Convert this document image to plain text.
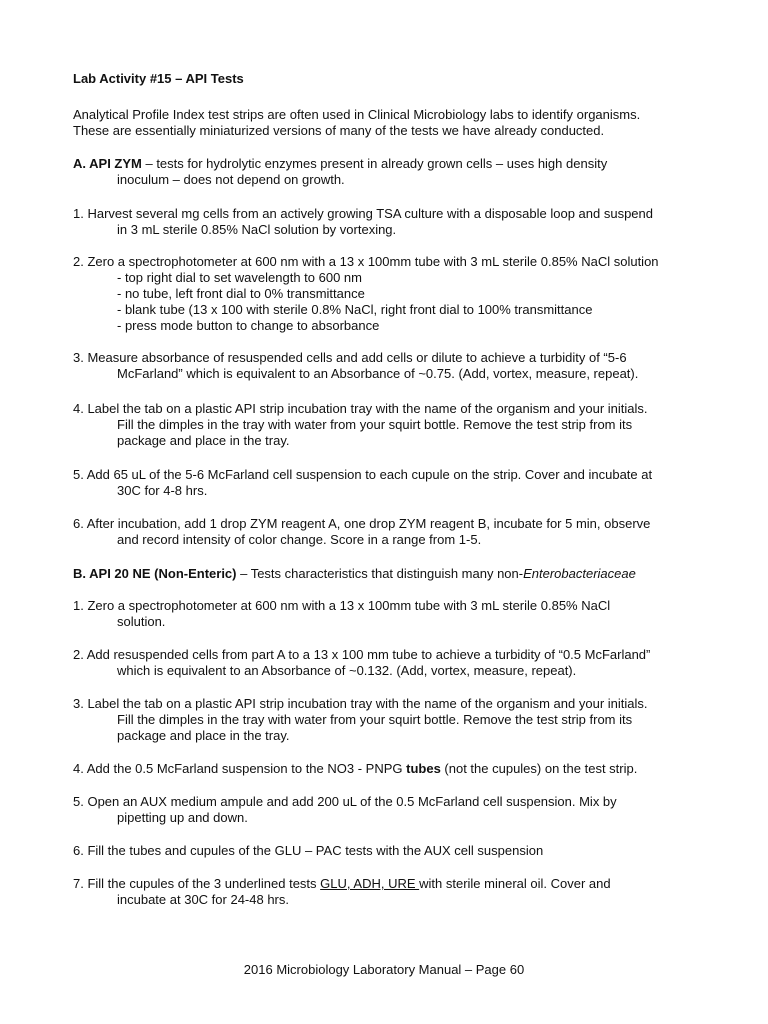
Lab Activity #15 – API Tests
Analytical Profile Index test strips are often used in Clinical Microbiology labs to identify organisms.
These are essentially miniaturized versions of many of the tests we have already conducted.
A. API ZYM – tests for hydrolytic enzymes present in already grown cells – uses high density
inoculum – does not depend on growth.
1. Harvest several mg cells from an actively growing TSA culture with a disposable loop and suspend
in 3 mL sterile 0.85% NaCl solution by vortexing.
2. Zero a spectrophotometer at 600 nm with a 13 x 100mm tube with 3 mL sterile 0.85% NaCl solution
- top right dial to set wavelength to 600 nm
- no tube, left front dial to 0% transmittance
- blank tube (13 x 100 with sterile 0.8% NaCl, right front dial to 100% transmittance
- press mode button to change to absorbance
3. Measure absorbance of resuspended cells and add cells or dilute to achieve a turbidity of “5-6
McFarland” which is equivalent to an Absorbance of ~0.75. (Add, vortex, measure, repeat).
4. Label the tab on a plastic API strip incubation tray with the name of the organism and your initials.
Fill the dimples in the tray with water from your squirt bottle. Remove the test strip from its
package and place in the tray.
5. Add 65 uL of the 5-6 McFarland cell suspension to each cupule on the strip. Cover and incubate at
30C for 4-8 hrs.
6. After incubation, add 1 drop ZYM reagent A, one drop ZYM reagent B, incubate for 5 min, observe
and record intensity of color change. Score in a range from 1-5.
B. API 20 NE (Non-Enteric) – Tests characteristics that distinguish many non-Enterobacteriaceae
1. Zero a spectrophotometer at 600 nm with a 13 x 100mm tube with 3 mL sterile 0.85% NaCl
solution.
2. Add resuspended cells from part A to a 13 x 100 mm tube to achieve a turbidity of “0.5 McFarland”
which is equivalent to an Absorbance of ~0.132. (Add, vortex, measure, repeat).
3. Label the tab on a plastic API strip incubation tray with the name of the organism and your initials.
Fill the dimples in the tray with water from your squirt bottle. Remove the test strip from its
package and place in the tray.
4. Add the 0.5 McFarland suspension to the NO3 - PNPG tubes (not the cupules) on the test strip.
5. Open an AUX medium ampule and add 200 uL of the 0.5 McFarland cell suspension. Mix by
pipetting up and down.
6. Fill the tubes and cupules of the GLU – PAC tests with the AUX cell suspension
7. Fill the cupules of the 3 underlined tests GLU, ADH, URE with sterile mineral oil. Cover and
incubate at 30C for 24-48 hrs.
2016 Microbiology Laboratory Manual – Page 60
